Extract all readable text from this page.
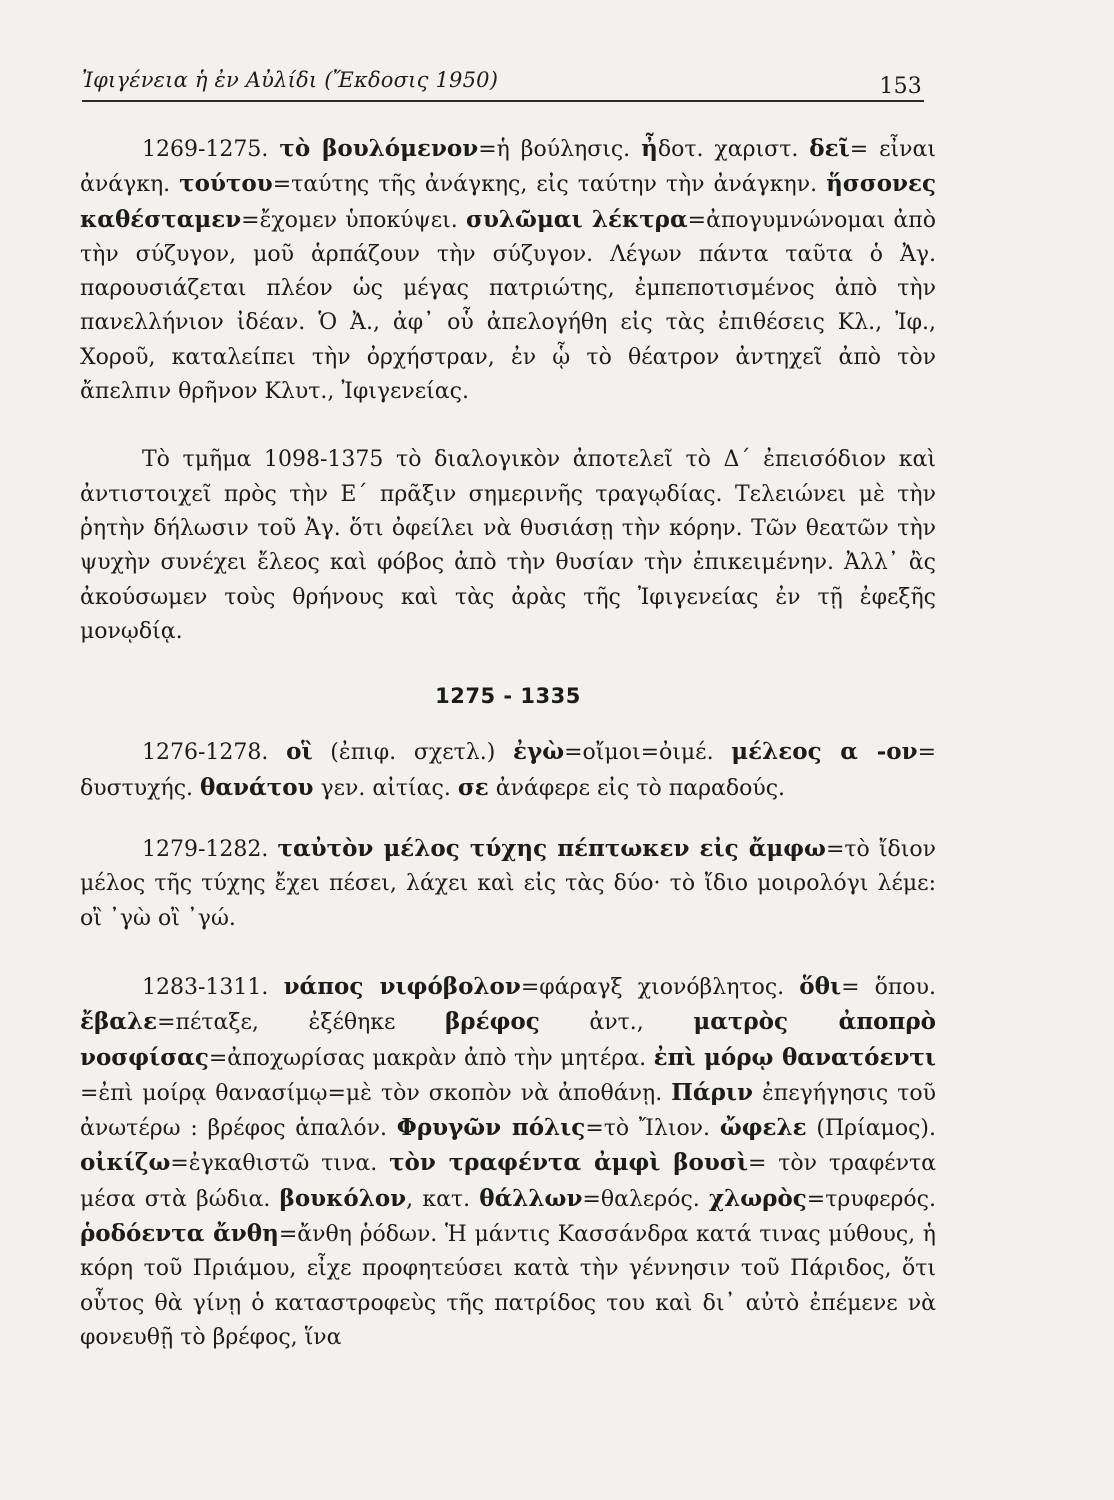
Ἰφιγένεια ἡ ἐν Αὐλίδι (Ἔκδοσις 1950)	153

1269-1275. τὸ βουλόμενον=ἡ βούλησις. ἦδοτ. χαριστ. δεῖ= εἶναι ἀνάγκη. τούτου=ταύτης τῆς ἀνάγκης, εἰς ταύτην τὴν ἀνάγκην. ἥσσονες καθέσταμεν=ἔχομεν ὑποκύψει. συλῶμαι λέκτρα=ἀπογυμνώνομαι ἀπὸ τὴν σύζυγον, μοῦ ἁρπάζουν τὴν σύζυγον. Λέγων πάντα ταῦτα ὁ Ἀγ. παρουσιάζεται πλέον ὡς μέγας πατριώτης, ἐμπεποτισμένος ἀπὸ τὴν πανελλήνιον ἰδέαν. Ὁ Ἀ., ἀφ᾿ οὗ ἀπελογήθη εἰς τὰς ἐπιθέσεις Κλ., Ἰφ., Χοροῦ, καταλείπει τὴν ὀρχήστραν, ἐν ᾧ τὸ θέατρον ἀντηχεῖ ἀπὸ τὸν ἄπελπιν θρῆνον Κλυτ., Ἰφιγενείας.

Τὸ τμῆμα 1098-1375 τὸ διαλογικὸν ἀποτελεῖ τὸ Δ´ ἐπεισόδιον καὶ ἀντιστοιχεῖ πρὸς τὴν Ε´ πρᾶξιν σημερινῆς τραγῳδίας. Τελειώνει μὲ τὴν ῥητὴν δήλωσιν τοῦ Ἀγ. ὅτι ὀφείλει νὰ θυσιάσῃ τὴν κόρην. Τῶν θεατῶν τὴν ψυχὴν συνέχει ἔλεος καὶ φόβος ἀπὸ τὴν θυσίαν τὴν ἐπικειμένην. Ἀλλ᾿ ἂς ἀκούσωμεν τοὺς θρήνους καὶ τὰς ἀρὰς τῆς Ἰφιγενείας ἐν τῇ ἐφεξῆς μονῳδίᾳ.

1275 - 1335

1276-1278. οἳ (ἐπιφ. σχετλ.) ἐγὼ=οἴμοι=ὀιμέ. μέλεος α -ον= δυστυχής. θανάτου γεν. αἰτίας. σε ἀνάφερε εἰς τὸ παραδούς.

1279-1282. ταὐτὸν μέλος τύχης πέπτωκεν εἰς ἄμφω=τὸ ἴδιον μέλος τῆς τύχης ἔχει πέσει, λάχει καὶ εἰς τὰς δύο· τὸ ἴδιο μοιρολόγι λέμε: οἲ ᾽γὼ οἲ ᾽γώ.

1283-1311. νάπος νιφόβολον=φάραγξ χιονόβλητος. ὅθι= ὅπου. ἔβαλε=πέταξε, ἐξέθηκε βρέφος ἀντ., ματρὸς ἀποπρὸ νοσφίσας=ἀποχωρίσας μακρὰν ἀπὸ τὴν μητέρα. ἐπὶ μόρῳ θανατόεντι =ἐπὶ μοίρᾳ θανασίμῳ=μὲ τὸν σκοπὸν νὰ ἀποθάνῃ. Πάριν ἐπεγήγησις τοῦ ἀνωτέρω : βρέφος ἁπαλόν. Φρυγῶν πόλις=τὸ Ἴλιον. ὤφελε (Πρίαμος). οἰκίζω=ἐγκαθιστῶ τινα. τὸν τραφέντα ἀμφὶ βουσὶ= τὸν τραφέντα μέσα στὰ βώδια. βουκόλον, κατ. θάλλων=θαλερός. χλωρὸς=τρυφερός. ῥοδόεντα ἄνθη=ἄνθη ῥόδων. Ἡ μάντις Κασσάνδρα κατά τινας μύθους, ἡ κόρη τοῦ Πριάμου, εἶχε προφητεύσει κατὰ τὴν γέννησιν τοῦ Πάριδος, ὅτι οὗτος θὰ γίνῃ ὁ καταστροφεὺς τῆς πατρίδος του καὶ δι᾿ αὐτὸ ἐπέμενε νὰ φονευθῇ τὸ βρέφος, ἵνα
